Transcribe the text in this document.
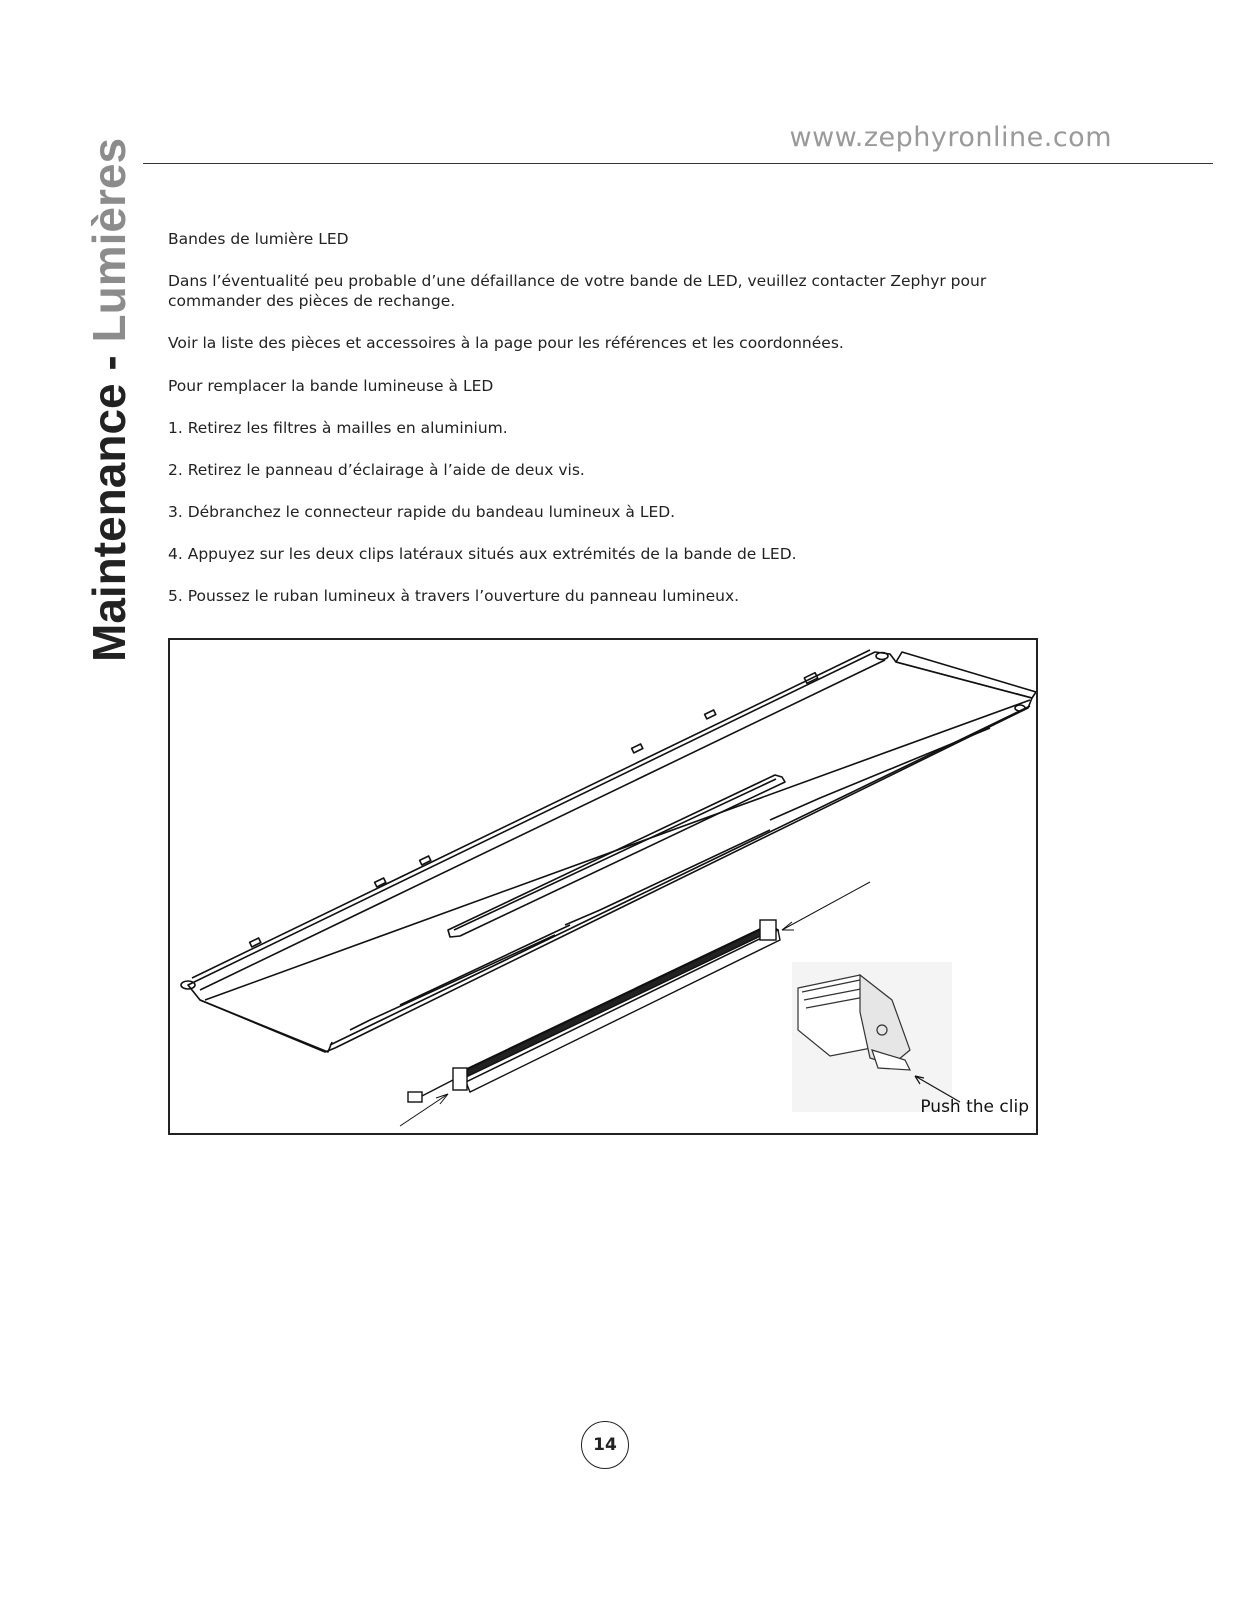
www.zephyronline.com
Maintenance - Lumières Bandes de lumière LED

Dans l’éventualité peu probable d’une défaillance de votre bande de LED, veuillez contacter Zephyr pour commander des pièces de rechange.

Voir la liste des pièces et accessoires à la page pour les références et les coordonnées.

Pour remplacer la bande lumineuse à LED

1. Retirez les filtres à mailles en aluminium.

2. Retirez le panneau d’éclairage à l’aide de deux vis.

3. Débranchez le connecteur rapide du bandeau lumineux à LED.

4. Appuyez sur les deux clips latéraux situés aux extrémités de la bande de LED.

5. Poussez le ruban lumineux à travers l’ouverture du panneau lumineux.

Push the clip
14
